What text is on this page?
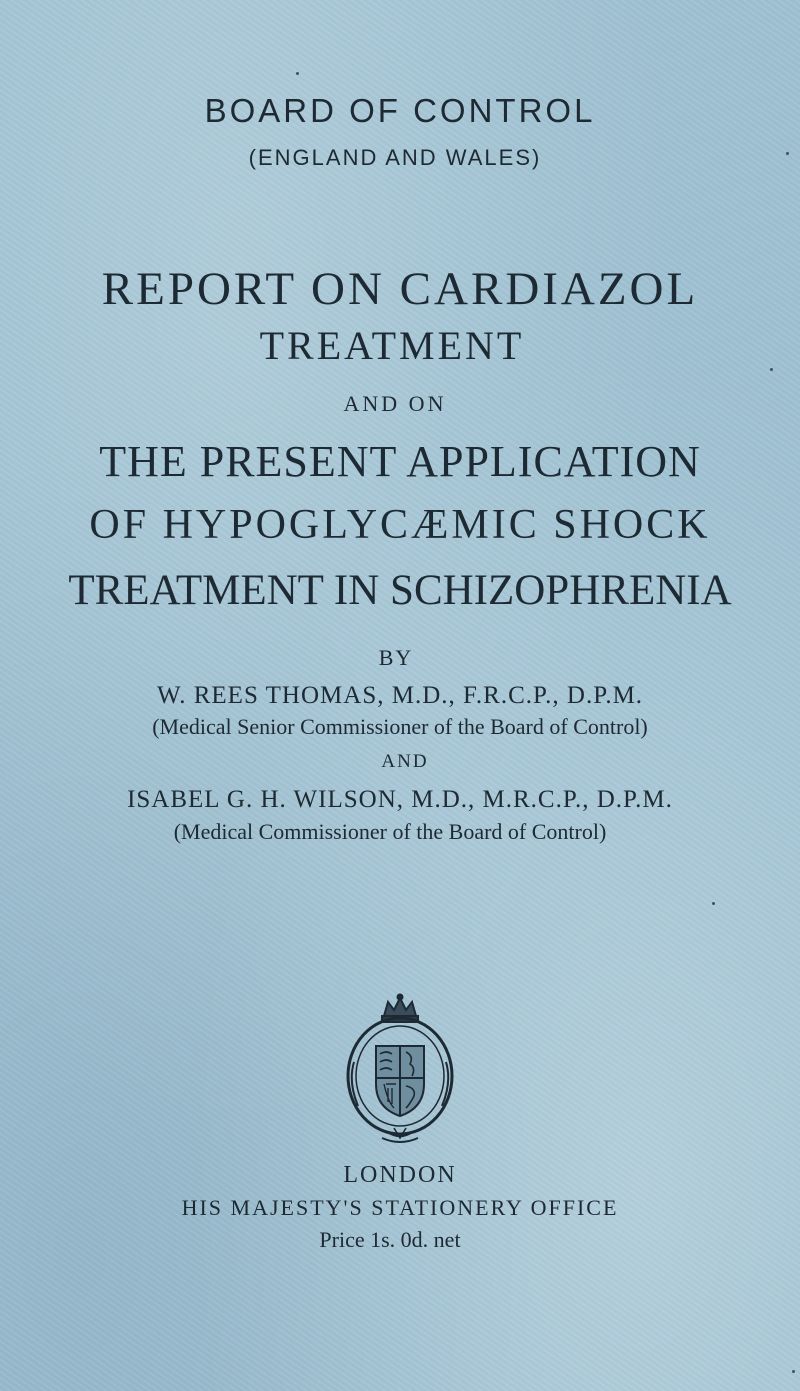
BOARD OF CONTROL
(ENGLAND AND WALES)
REPORT ON CARDIAZOL
TREATMENT
AND ON
THE PRESENT APPLICATION
OF HYPOGLYCÆMIC SHOCK
TREATMENT IN SCHIZOPHRENIA
BY
W. REES THOMAS, M.D., F.R.C.P., D.P.M.
(Medical Senior Commissioner of the Board of Control)
AND
ISABEL G. H. WILSON, M.D., M.R.C.P., D.P.M.
(Medical Commissioner of the Board of Control)
LONDON
HIS MAJESTY'S STATIONERY OFFICE
Price 1s. 0d. net
